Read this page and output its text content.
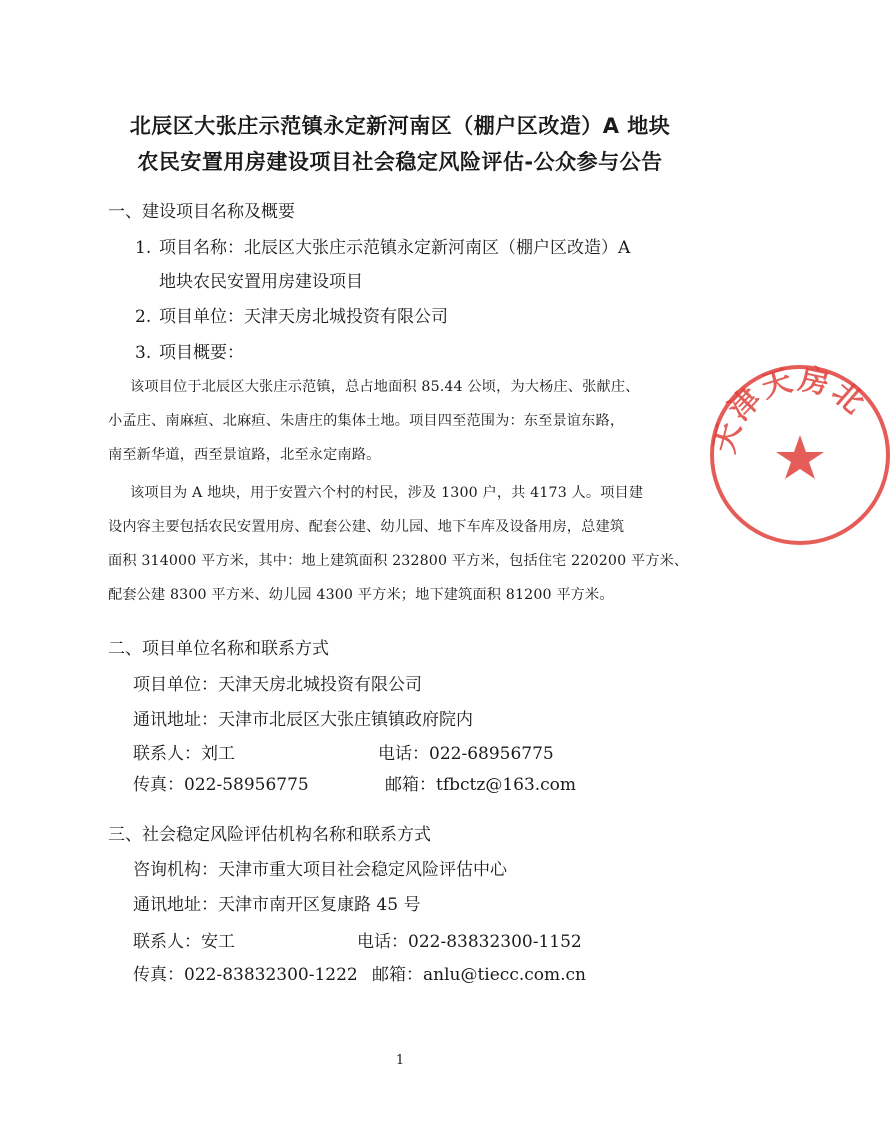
北辰区大张庄示范镇永定新河南区（棚户区改造）A 地块
农民安置用房建设项目社会稳定风险评估-公众参与公告
一、建设项目名称及概要
1. 项目名称：北辰区大张庄示范镇永定新河南区（棚户区改造）A
地块农民安置用房建设项目
2. 项目单位：天津天房北城投资有限公司
3. 项目概要：
该项目位于北辰区大张庄示范镇，总占地面积 85.44 公顷，为大杨庄、张献庄、
小孟庄、南麻疸、北麻疸、朱唐庄的集体土地。项目四至范围为：东至景谊东路，
南至新华道，西至景谊路，北至永定南路。
该项目为 A 地块，用于安置六个村的村民，涉及 1300 户，共 4173 人。项目建
设内容主要包括农民安置用房、配套公建、幼儿园、地下车库及设备用房，总建筑
面积 314000 平方米，其中：地上建筑面积 232800 平方米，包括住宅 220200 平方米、
配套公建 8300 平方米、幼儿园 4300 平方米；地下建筑面积 81200 平方米。
二、项目单位名称和联系方式
项目单位：天津天房北城投资有限公司
通讯地址：天津市北辰区大张庄镇镇政府院内
联系人：刘工	电话：022-68956775
传真：022-58956775	邮箱：tfbctz@163.com
三、社会稳定风险评估机构名称和联系方式
咨询机构：天津市重大项目社会稳定风险评估中心
通讯地址：天津市南开区复康路 45 号
联系人：安工	电话：022-83832300-1152
传真：022-83832300-1222 邮箱：anlu@tiecc.com.cn
1
天津天房北
